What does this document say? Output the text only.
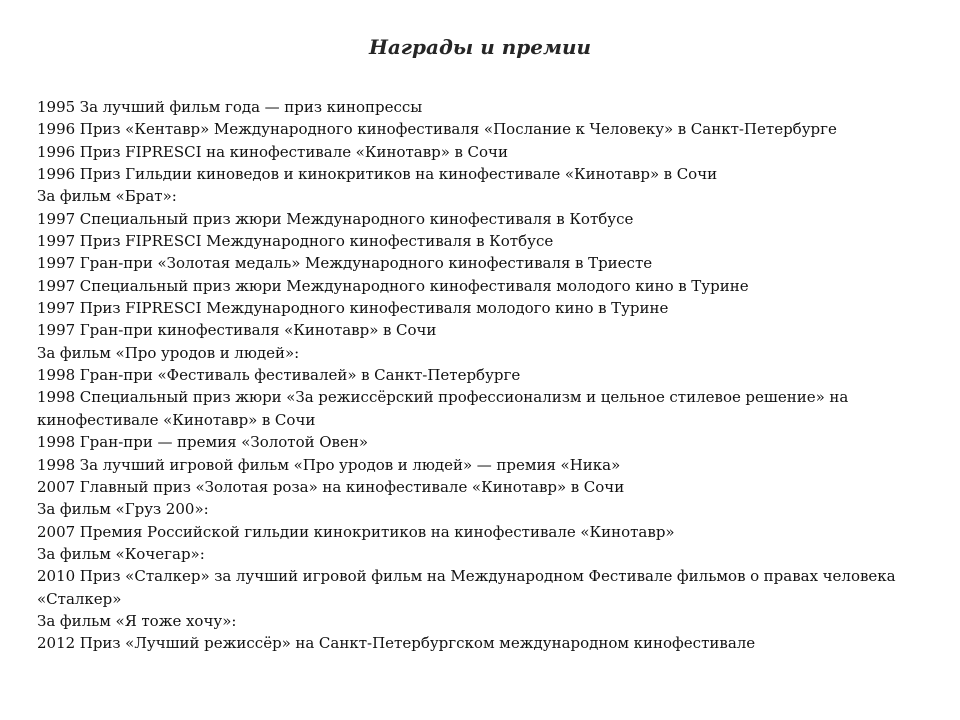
Награды и премии
1995 За лучший фильм года — приз кинопрессы
1996 Приз «Кентавр» Международного кинофестиваля «Послание к Человеку» в Санкт-Петербурге
1996 Приз FIPRESCI на кинофестивале «Кинотавр» в Сочи
1996 Приз Гильдии киноведов и кинокритиков на кинофестивале «Кинотавр» в Сочи
За фильм «Брат»:
1997 Специальный приз жюри Международного кинофестиваля в Котбусе
1997 Приз FIPRESCI Международного кинофестиваля в Котбусе
1997 Гран-при «Золотая медаль» Международного кинофестиваля в Триесте
1997 Специальный приз жюри Международного кинофестиваля молодого кино в Турине
1997 Приз FIPRESCI Международного кинофестиваля молодого кино в Турине
1997 Гран-при кинофестиваля «Кинотавр» в Сочи
За фильм «Про уродов и людей»:
1998 Гран-при «Фестиваль фестивалей» в Санкт-Петербурге
1998 Специальный приз жюри «За режиссёрский профессионализм и цельное стилевое решение» на кинофестивале «Кинотавр» в Сочи
1998 Гран-при — премия «Золотой Овен»
1998 За лучший игровой фильм «Про уродов и людей» — премия «Ника»
2007 Главный приз «Золотая роза» на кинофестивале «Кинотавр» в Сочи
За фильм «Груз 200»:
2007 Премия Российской гильдии кинокритиков на кинофестивале «Кинотавр»
За фильм «Кочегар»:
2010 Приз «Сталкер» за лучший игровой фильм на Международном Фестивале фильмов о правах человека «Сталкер»
За фильм «Я тоже хочу»:
2012 Приз «Лучший режиссёр» на Санкт-Петербургском международном кинофестивале
